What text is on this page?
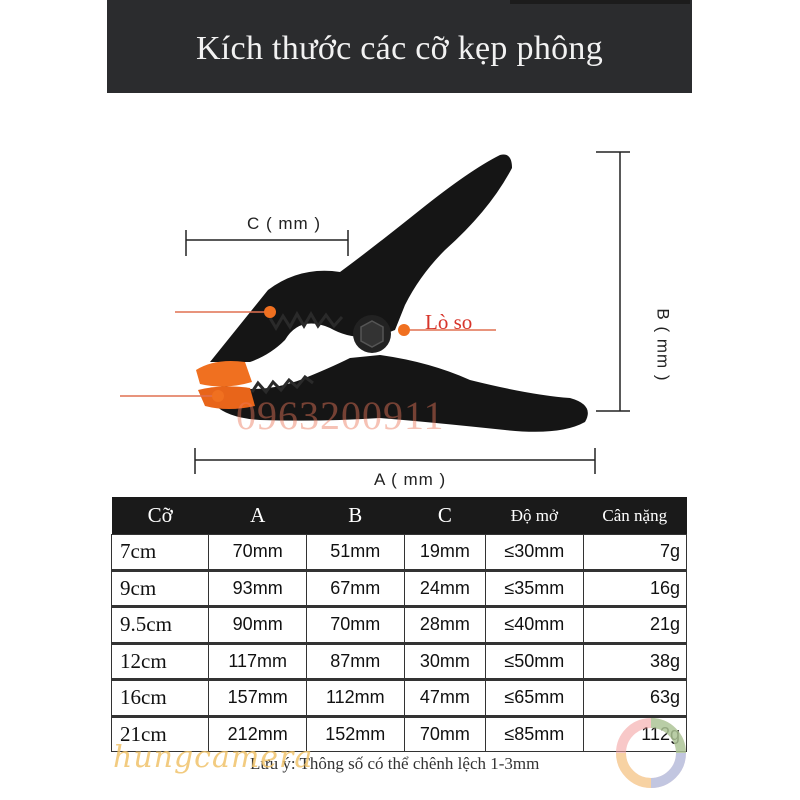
Kích thước các cỡ kẹp phông
C ( mm )
A ( mm )
B ( mm )
Lò so
0963200911
Cỡ	A	B	C	Độ mở	Cân nặng
7cm	70mm	51mm	19mm	≤30mm	7g
9cm	93mm	67mm	24mm	≤35mm	16g
9.5cm	90mm	70mm	28mm	≤40mm	21g
12cm	117mm	87mm	30mm	≤50mm	38g
16cm	157mm	112mm	47mm	≤65mm	63g
21cm	212mm	152mm	70mm	≤85mm	112g
Lưu ý: Thông số có thể chênh lệch 1-3mm
hungcamera
